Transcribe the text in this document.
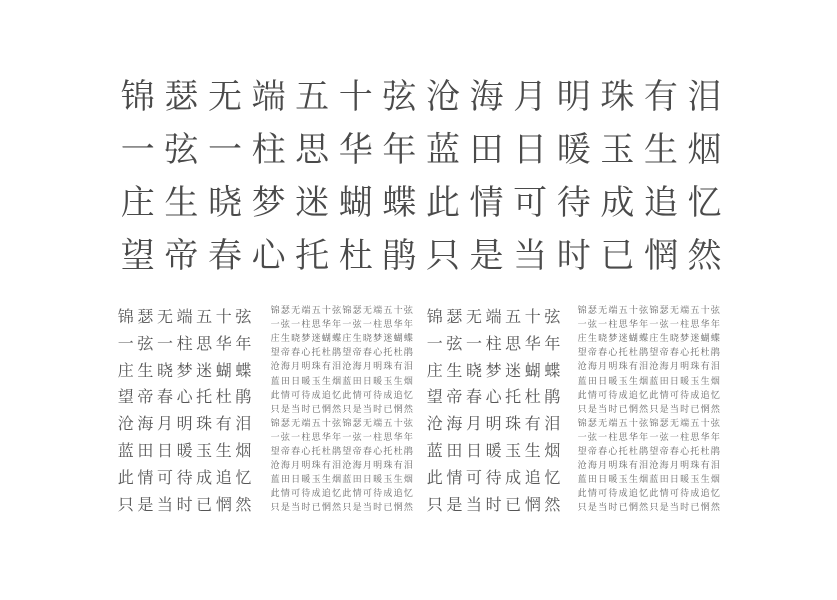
锦 瑟 无 端 五 十 弦 沧 海 月 明 珠 有 泪
一 弦 一 柱 思 华 年 蓝 田 日 暖 玉 生 烟
庄 生 晓 梦 迷 蝴 蝶 此 情 可 待 成 追 忆
望 帝 春 心 托 杜 鹃 只 是 当 时 已 惘 然
锦 瑟 无 端 五 十 弦
一 弦 一 柱 思 华 年
庄 生 晓 梦 迷 蝴 蝶
望 帝 春 心 托 杜 鹃
沧 海 月 明 珠 有 泪
蓝 田 日 暖 玉 生 烟
此 情 可 待 成 追 忆
只 是 当 时 已 惘 然
锦 瑟 无 端 五 十 弦
一 弦 一 柱 思 华 年
庄 生 晓 梦 迷 蝴 蝶
望 帝 春 心 托 杜 鹃
沧 海 月 明 珠 有 泪
蓝 田 日 暖 玉 生 烟
此 情 可 待 成 追 忆
只 是 当 时 已 惘 然
锦 瑟 无 端 五 十 弦 锦 瑟 无 端 五 十 弦
一 弦 一 柱 思 华 年 一 弦 一 柱 思 华 年
庄 生 晓 梦 迷 蝴 蝶 庄 生 晓 梦 迷 蝴 蝶
望 帝 春 心 托 杜 鹃 望 帝 春 心 托 杜 鹃
沧 海 月 明 珠 有 泪 沧 海 月 明 珠 有 泪
蓝 田 日 暖 玉 生 烟 蓝 田 日 暖 玉 生 烟
此 情 可 待 成 追 忆 此 情 可 待 成 追 忆
只 是 当 时 已 惘 然 只 是 当 时 已 惘 然
锦 瑟 无 端 五 十 弦 锦 瑟 无 端 五 十 弦
一 弦 一 柱 思 华 年 一 弦 一 柱 思 华 年
望 帝 春 心 托 杜 鹃 望 帝 春 心 托 杜 鹃
沧 海 月 明 珠 有 泪 沧 海 月 明 珠 有 泪
蓝 田 日 暖 玉 生 烟 蓝 田 日 暖 玉 生 烟
此 情 可 待 成 追 忆 此 情 可 待 成 追 忆
只 是 当 时 已 惘 然 只 是 当 时 已 惘 然
锦 瑟 无 端 五 十 弦 锦 瑟 无 端 五 十 弦
一 弦 一 柱 思 华 年 一 弦 一 柱 思 华 年
庄 生 晓 梦 迷 蝴 蝶 庄 生 晓 梦 迷 蝴 蝶
望 帝 春 心 托 杜 鹃 望 帝 春 心 托 杜 鹃
沧 海 月 明 珠 有 泪 沧 海 月 明 珠 有 泪
蓝 田 日 暖 玉 生 烟 蓝 田 日 暖 玉 生 烟
此 情 可 待 成 追 忆 此 情 可 待 成 追 忆
只 是 当 时 已 惘 然 只 是 当 时 已 惘 然
锦 瑟 无 端 五 十 弦 锦 瑟 无 端 五 十 弦
一 弦 一 柱 思 华 年 一 弦 一 柱 思 华 年
望 帝 春 心 托 杜 鹃 望 帝 春 心 托 杜 鹃
沧 海 月 明 珠 有 泪 沧 海 月 明 珠 有 泪
蓝 田 日 暖 玉 生 烟 蓝 田 日 暖 玉 生 烟
此 情 可 待 成 追 忆 此 情 可 待 成 追 忆
只 是 当 时 已 惘 然 只 是 当 时 已 惘 然
